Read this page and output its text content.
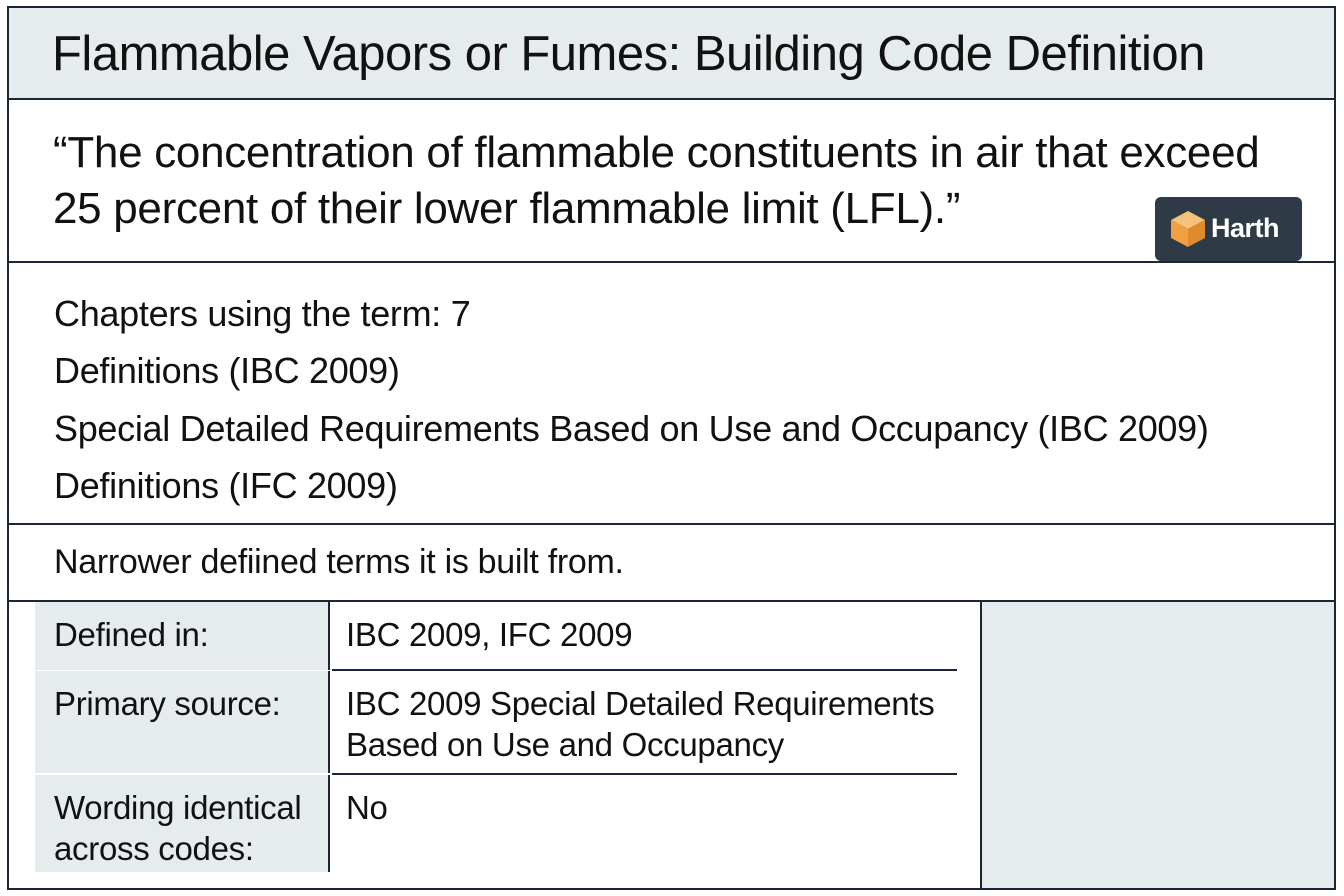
Flammable Vapors or Fumes: Building Code Definition

“The concentration of flammable constituents in air that exceed 25 percent of their lower flammable limit (LFL).”

Chapters using the term: 7
Definitions (IBC 2009)
Special Detailed Requirements Based on Use and Occupancy (IBC 2009)
Definitions (IFC 2009)
Narrower defiined terms it is built from.
Defined in:	IBC 2009, IFC 2009
Primary source: IBC 2009 Special Detailed Requirements Based on Use and Occupancy
Wording identical across codes:
No
Harth
